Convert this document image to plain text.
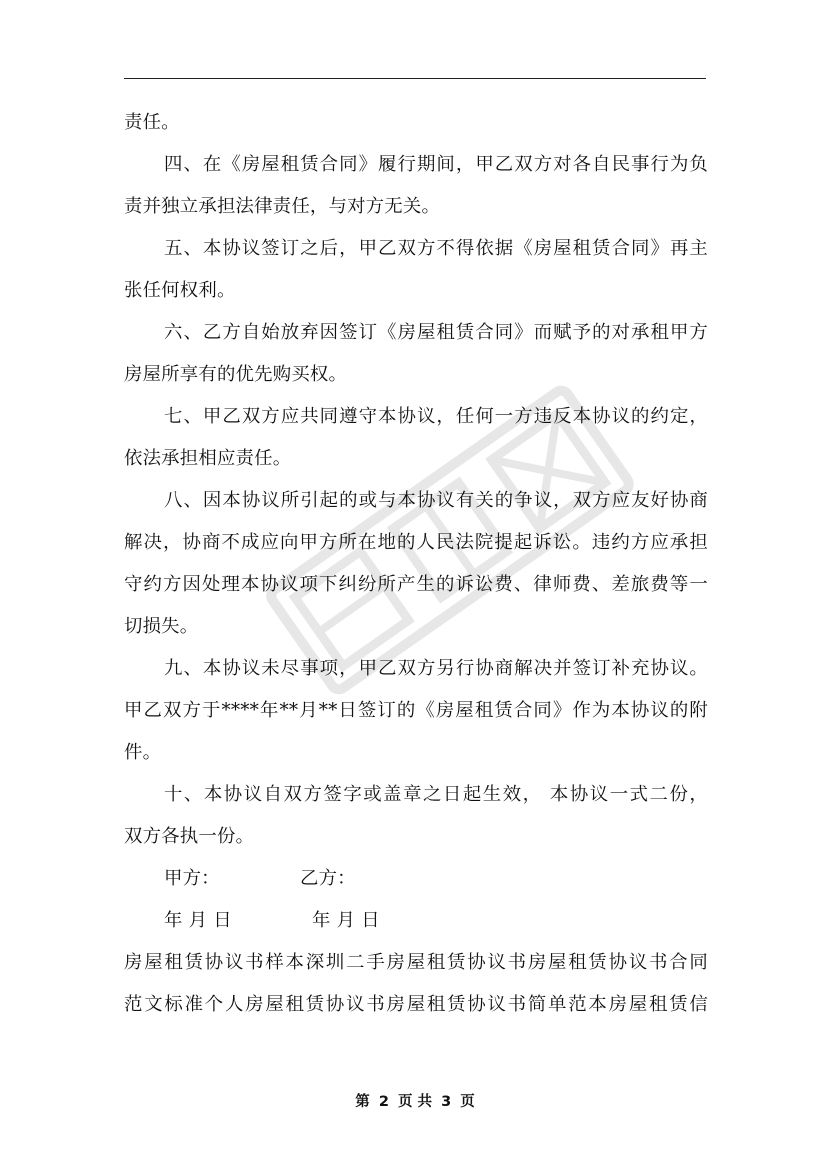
责任。
四、在《房屋租赁合同》履行期间，甲乙双方对各自民事行为负
责并独立承担法律责任，与对方无关。
五、本协议签订之后，甲乙双方不得依据《房屋租赁合同》再主
张任何权利。
六、乙方自始放弃因签订《房屋租赁合同》而赋予的对承租甲方
房屋所享有的优先购买权。
七、甲乙双方应共同遵守本协议，任何一方违反本协议的约定，
依法承担相应责任。
八、因本协议所引起的或与本协议有关的争议，双方应友好协商
解决，协商不成应向甲方所在地的人民法院提起诉讼。违约方应承担
守约方因处理本协议项下纠纷所产生的诉讼费、律师费、差旅费等一
切损失。
九、本协议未尽事项，甲乙双方另行协商解决并签订补充协议。
甲乙双方于****年**月**日签订的《房屋租赁合同》作为本协议的附
件。
十、本协议自双方签字或盖章之日起生效， 本协议一式二份，
双方各执一份。
甲方：	乙方：
年 月 日	年 月 日
房屋租赁协议书样本深圳二手房屋租赁协议书房屋租赁协议书合同
范文标准个人房屋租赁协议书房屋租赁协议书简单范本房屋租赁信
第 2 页 共 3 页
